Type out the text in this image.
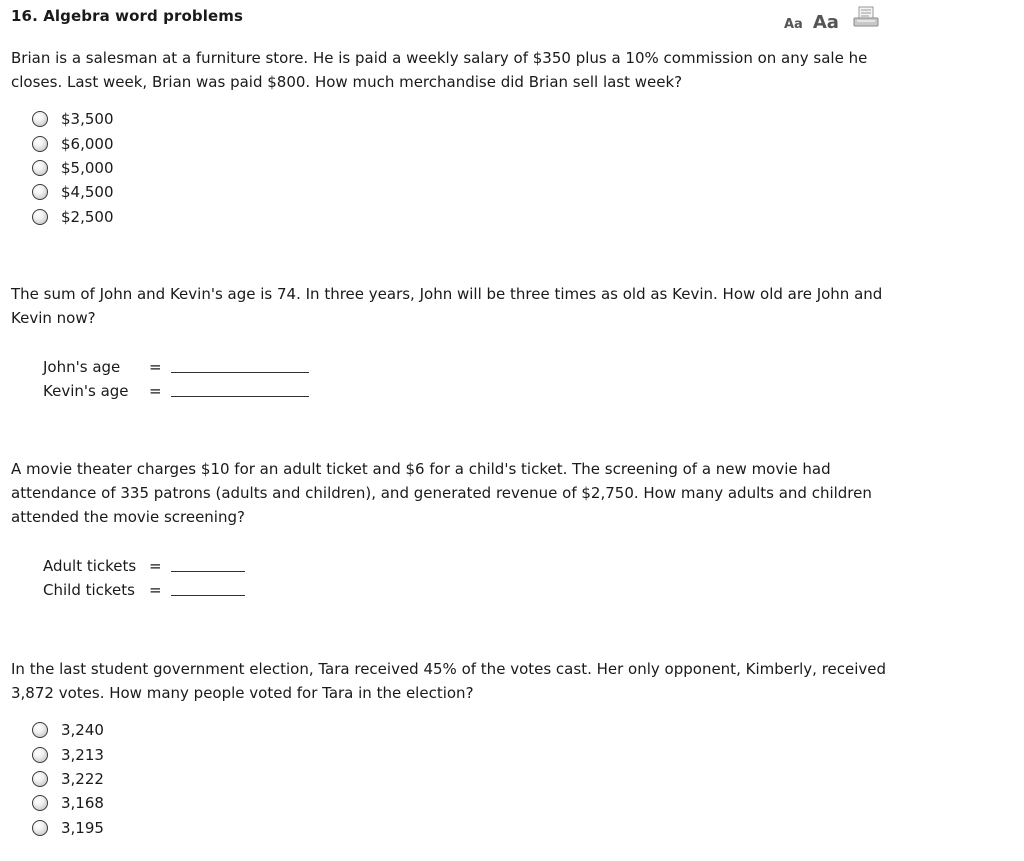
16. Algebra word problems	Aa Aa
Brian is a salesman at a furniture store. He is paid a weekly salary of $350 plus a 10% commission on any sale he closes. Last week, Brian was paid $800. How much merchandise did Brian sell last week?
$3,500
$6,000
$5,000
$4,500
$2,500
The sum of John and Kevin's age is 74. In three years, John will be three times as old as Kevin. How old are John and Kevin now?
John's age =
Kevin's age =
A movie theater charges $10 for an adult ticket and $6 for a child's ticket. The screening of a new movie had attendance of 335 patrons (adults and children), and generated revenue of $2,750. How many adults and children attended the movie screening?
Adult tickets =
Child tickets =
In the last student government election, Tara received 45% of the votes cast. Her only opponent, Kimberly, received 3,872 votes. How many people voted for Tara in the election?
3,240
3,213
3,222
3,168
3,195
